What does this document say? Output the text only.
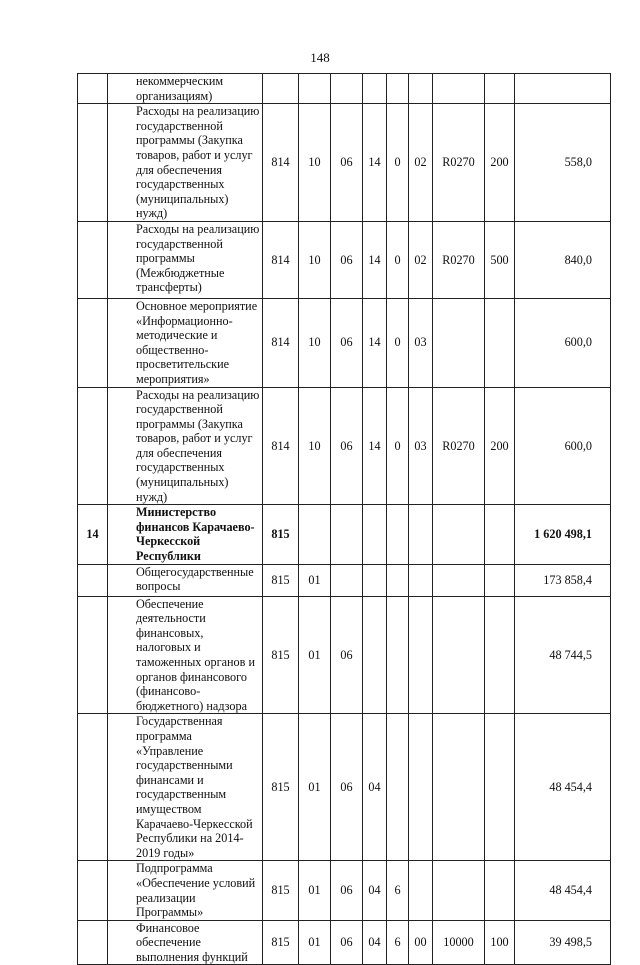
148
	некоммерческим организациям)									
	Расходы на реализацию государственной программы (Закупка товаров, работ и услуг для обеспечения государственных (муниципальных) нужд)	814	10	06	14	0	02	R0270	200	558,0
	Расходы на реализацию государственной программы (Межбюджетные трансферты)	814	10	06	14	0	02	R0270	500	840,0
	Основное мероприятие «Информационно-методические и общественно-просветительские мероприятия»	814	10	06	14	0	03			600,0
	Расходы на реализацию государственной программы (Закупка товаров, работ и услуг для обеспечения государственных (муниципальных) нужд)	814	10	06	14	0	03	R0270	200	600,0
14	Министерство финансов Карачаево-Черкесской Республики	815								1 620 498,1
	Общегосударственные вопросы	815	01							173 858,4
	Обеспечение деятельности финансовых, налоговых и таможенных органов и органов финансового (финансово-бюджетного) надзора	815	01	06						48 744,5
	Государственная программа «Управление государственными финансами и государственным имуществом Карачаево-Черкесской Республики на 2014-2019 годы»	815	01	06	04					48 454,4
	Подпрограмма «Обеспечение условий реализации Программы»	815	01	06	04	6				48 454,4
	Финансовое обеспечение выполнения функций	815	01	06	04	6	00	10000	100	39 498,5
